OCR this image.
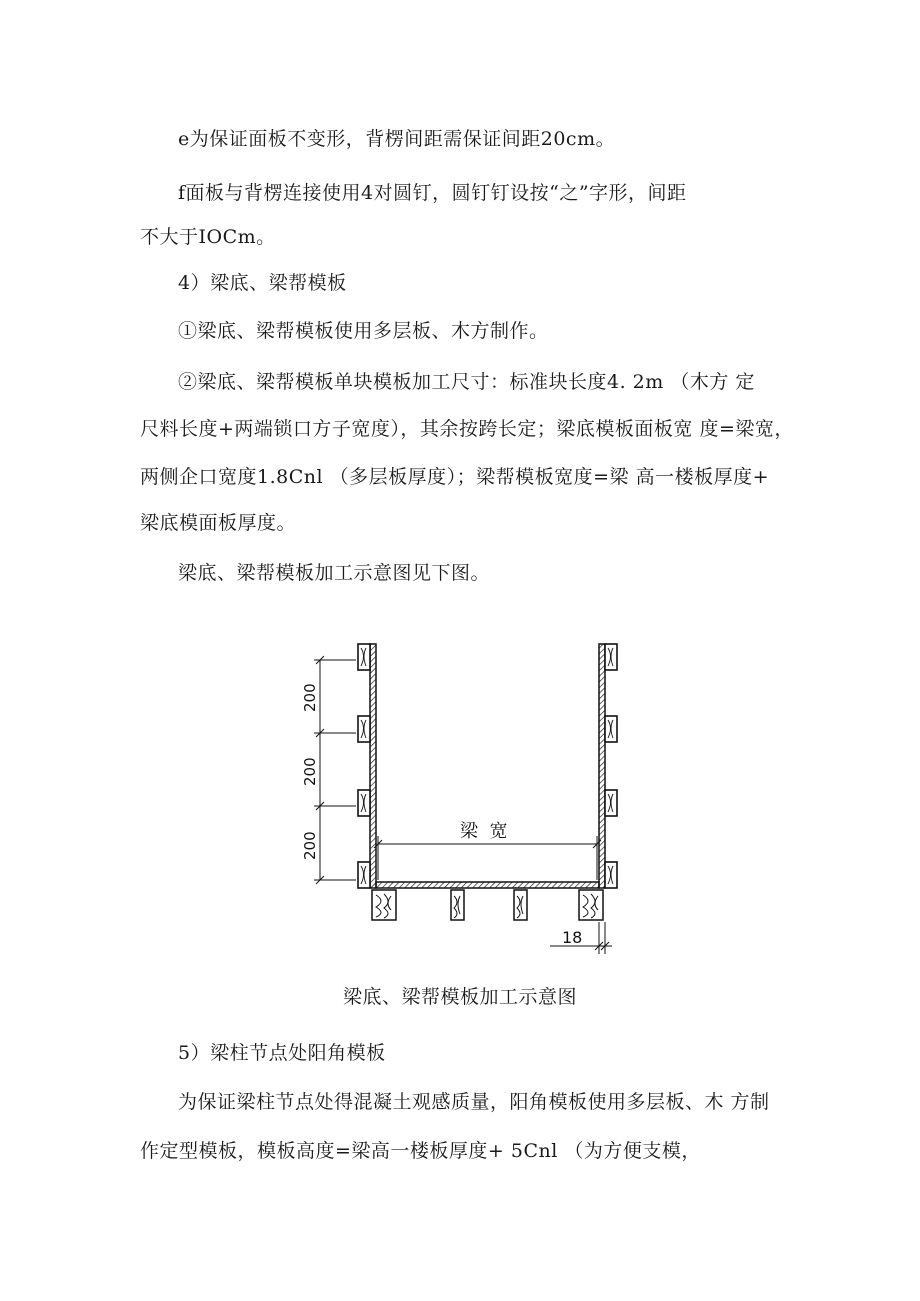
e为保证面板不变形，背楞间距需保证间距20cm。
f面板与背楞连接使用4对圆钉，圆钉钉设按“之”字形，间距
不大于IOCm。
4）梁底、梁帮模板
①梁底、梁帮模板使用多层板、木方制作。
②梁底、梁帮模板单块模板加工尺寸：标准块长度4. 2m （木方 定
尺料长度+两端锁口方子宽度），其余按跨长定；梁底模板面板宽 度=梁宽，
两侧企口宽度1.8Cnl （多层板厚度）；梁帮模板宽度=梁 高一楼板厚度+
梁底模面板厚度。
梁底、梁帮模板加工示意图见下图。
200
200
200	梁  宽
18
梁底、梁帮模板加工示意图
5）梁柱节点处阳角模板
为保证梁柱节点处得混凝土观感质量，阳角模板使用多层板、木 方制
作定型模板，模板高度=梁高一楼板厚度+ 5Cnl （为方便支模，
